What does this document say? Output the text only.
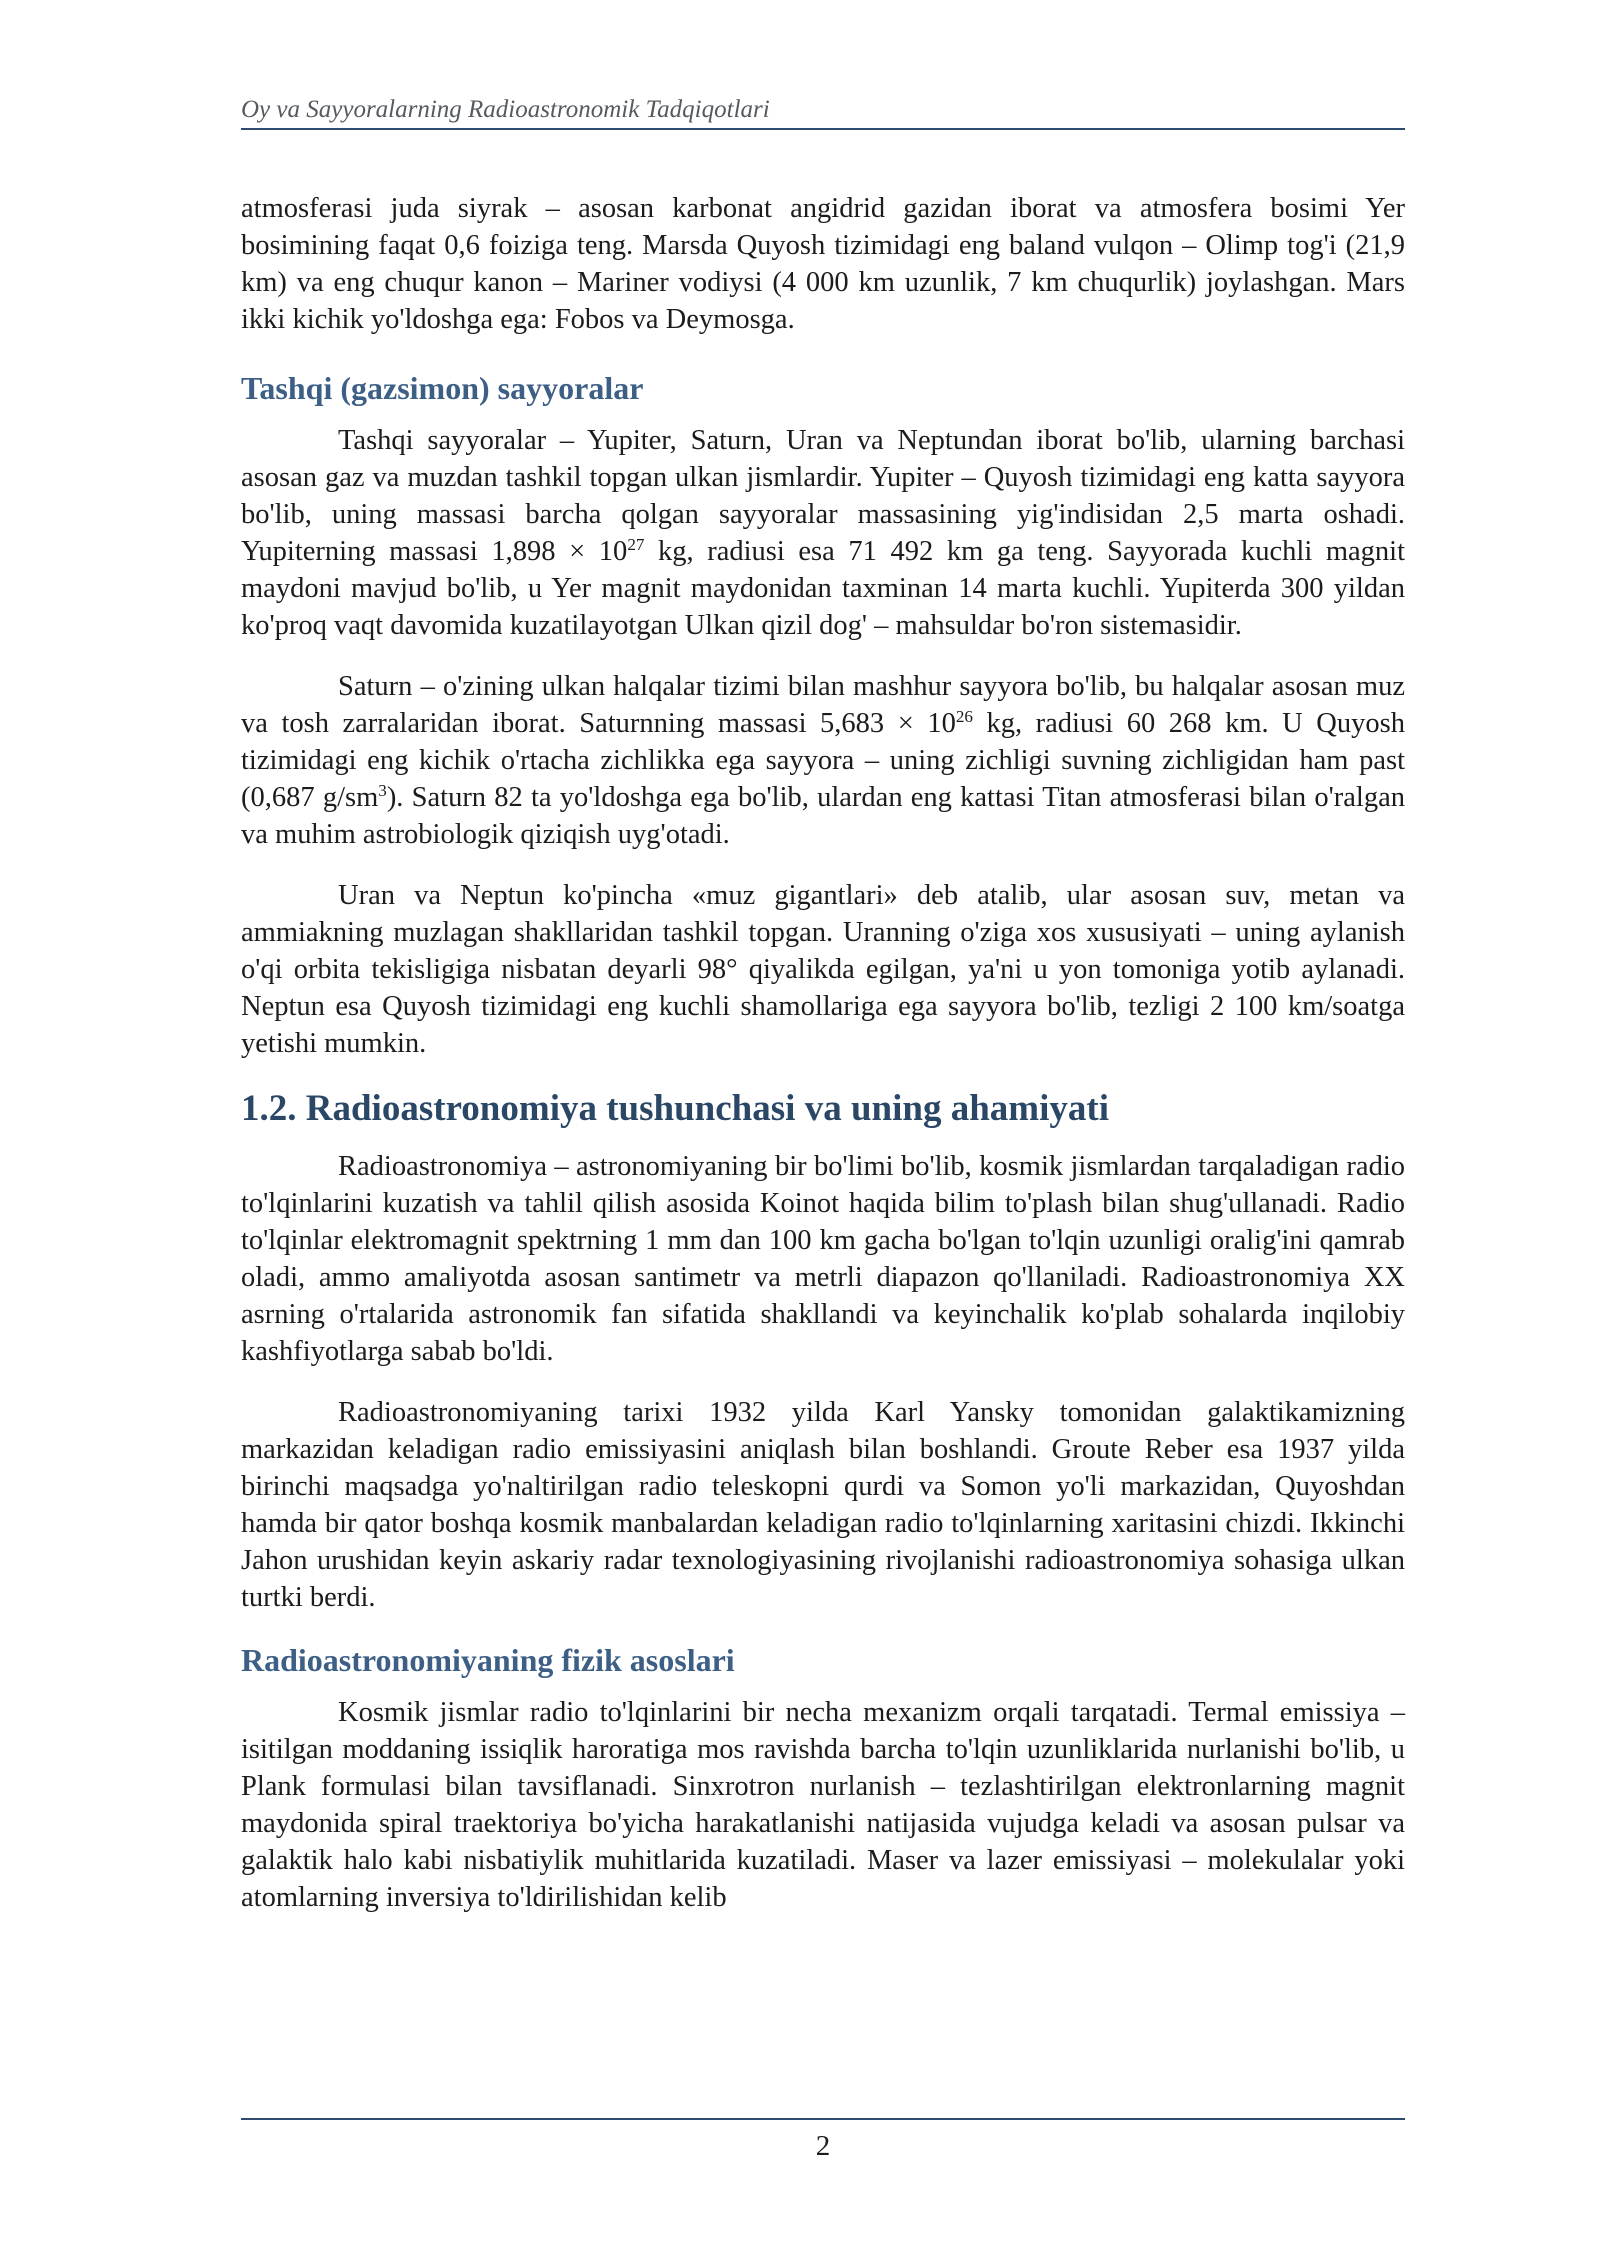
Oy va Sayyoralarning Radioastronomik Tadqiqotlari

atmosferasi juda siyrak – asosan karbonat angidrid gazidan iborat va atmosfera bosimi Yer bosimining faqat 0,6 foiziga teng. Marsda Quyosh tizimidagi eng baland vulqon – Olimp tog'i (21,9 km) va eng chuqur kanon – Mariner vodiysi (4 000 km uzunlik, 7 km chuqurlik) joylashgan. Mars ikki kichik yo'ldoshga ega: Fobos va Deymosga.

Tashqi (gazsimon) sayyoralar

Tashqi sayyoralar – Yupiter, Saturn, Uran va Neptundan iborat bo'lib, ularning barchasi asosan gaz va muzdan tashkil topgan ulkan jismlardir. Yupiter – Quyosh tizimidagi eng katta sayyora bo'lib, uning massasi barcha qolgan sayyoralar massasining yig'indisidan 2,5 marta oshadi. Yupiterning massasi $1,898 \times 10^{27}$ kg, radiusi esa 71 492 km ga teng. Sayyorada kuchli magnit maydoni mavjud bo'lib, u Yer magnit maydonidan taxminan 14 marta kuchli. Yupiterda 300 yildan ko'proq vaqt davomida kuzatilayotgan Ulkan qizil dog' – mahsuldar bo'ron sistemasidir.

Saturn – o'zining ulkan halqalar tizimi bilan mashhur sayyora bo'lib, bu halqalar asosan muz va tosh zarralaridan iborat. Saturnning massasi $5,683 \times 10^{26}$ kg, radiusi 60 268 km. U Quyosh tizimidagi eng kichik o'rtacha zichlikka ega sayyora – uning zichligi suvning zichligidan ham past (0,687 $g/sm^3$). Saturn 82 ta yo'ldoshga ega bo'lib, ulardan eng kattasi Titan atmosferasi bilan o'ralgan va muhim astrobiologik qiziqish uyg'otadi.

Uran va Neptun ko'pincha «muz gigantlari» deb atalib, ular asosan suv, metan va ammiakning muzlagan shakllaridan tashkil topgan. Uranning o'ziga xos xususiyati – uning aylanish o'qi orbita tekisligiga nisbatan deyarli 98° qiyalikda egilgan, ya'ni u yon tomoniga yotib aylanadi. Neptun esa Quyosh tizimidagi eng kuchli shamollariga ega sayyora bo'lib, tezligi 2 100 km/soatga yetishi mumkin.

1.2. Radioastronomiya tushunchasi va uning ahamiyati

Radioastronomiya – astronomiyaning bir bo'limi bo'lib, kosmik jismlardan tarqaladigan radio to'lqinlarini kuzatish va tahlil qilish asosida Koinot haqida bilim to'plash bilan shug'ullanadi. Radio to'lqinlar elektromagnit spektrning 1 mm dan 100 km gacha bo'lgan to'lqin uzunligi oralig'ini qamrab oladi, ammo amaliyotda asosan santimetr va metrli diapazon qo'llaniladi. Radioastronomiya XX asrning o'rtalarida astronomik fan sifatida shakllandi va keyinchalik ko'plab sohalarda inqilobiy kashfiyotlarga sabab bo'ldi.

Radioastronomiyaning tarixi 1932 yilda Karl Yansky tomonidan galaktikamizning markazidan keladigan radio emissiyasini aniqlash bilan boshlandi. Groute Reber esa 1937 yilda birinchi maqsadga yo'naltirilgan radio teleskopni qurdi va Somon yo'li markazidan, Quyoshdan hamda bir qator boshqa kosmik manbalardan keladigan radio to'lqinlarning xaritasini chizdi. Ikkinchi Jahon urushidan keyin askariy radar texnologiyasining rivojlanishi radioastronomiya sohasiga ulkan turtki berdi.

Radioastronomiyaning fizik asoslari

Kosmik jismlar radio to'lqinlarini bir necha mexanizm orqali tarqatadi. Termal emissiya – isitilgan moddaning issiqlik haroratiga mos ravishda barcha to'lqin uzunliklarida nurlanishi bo'lib, u Plank formulasi bilan tavsiflanadi. Sinxrotron nurlanish – tezlashtirilgan elektronlarning magnit maydonida spiral traektoriya bo'yicha harakatlanishi natijasida vujudga keladi va asosan pulsar va galaktik halo kabi nisbatiylik muhitlarida kuzatiladi. Maser va lazer emissiyasi – molekulalar yoki atomlarning inversiya to'ldirilishidan kelib

2
